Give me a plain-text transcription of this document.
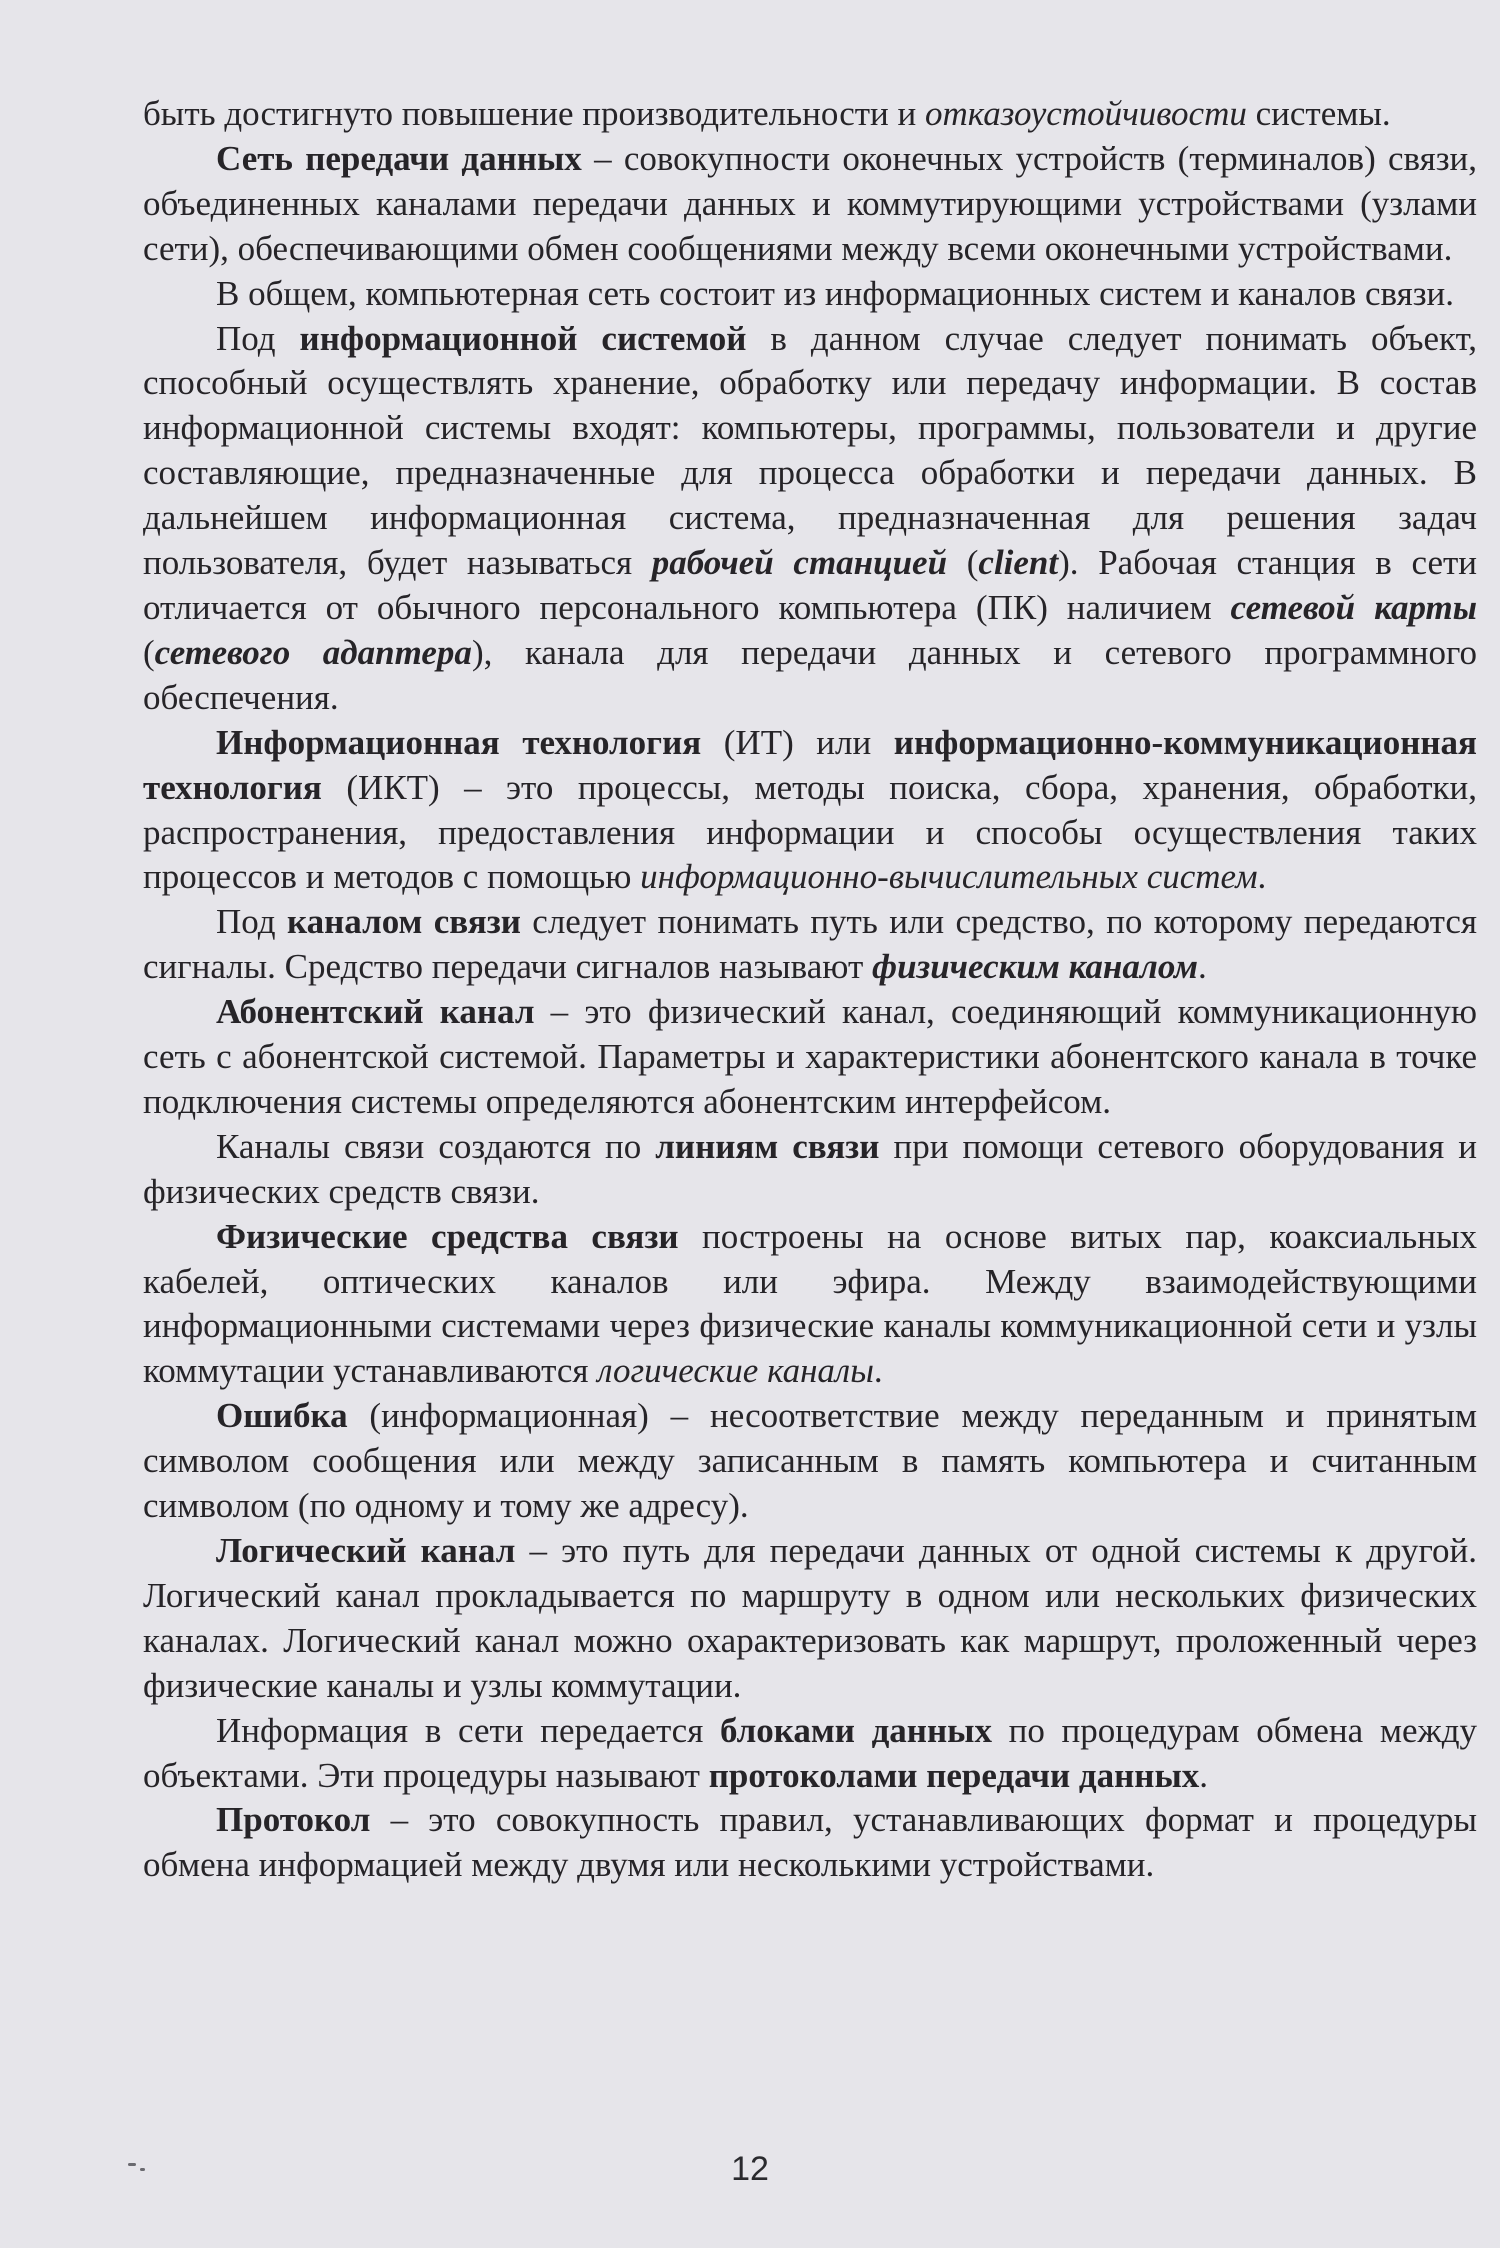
быть достигнуто повышение производительности и отказоустойчивости системы.

Сеть передачи данных – совокупности оконечных устройств (терминалов) связи, объединенных каналами передачи данных и коммутирующими устройствами (узлами сети), обеспечивающими обмен сообщениями между всеми оконечными устройствами.

В общем, компьютерная сеть состоит из информационных систем и каналов связи.

Под информационной системой в данном случае следует понимать объект, способный осуществлять хранение, обработку или передачу информации. В состав информационной системы входят: компьютеры, программы, пользователи и другие составляющие, предназначенные для процесса обработки и передачи данных. В дальнейшем информационная система, предназначенная для решения задач пользователя, будет называться рабочей станцией (client). Рабочая станция в сети отличается от обычного персонального компьютера (ПК) наличием сетевой карты (сетевого адаптера), канала для передачи данных и сетевого программного обеспечения.

Информационная технология (ИТ) или информационно-коммуникационная технология (ИКТ) – это процессы, методы поиска, сбора, хранения, обработки, распространения, предоставления информации и способы осуществления таких процессов и методов с помощью информационно-вычислительных систем.

Под каналом связи следует понимать путь или средство, по которому передаются сигналы. Средство передачи сигналов называют физическим каналом.

Абонентский канал – это физический канал, соединяющий коммуникационную сеть с абонентской системой. Параметры и характеристики абонентского канала в точке подключения системы определяются абонентским интерфейсом.

Каналы связи создаются по линиям связи при помощи сетевого оборудования и физических средств связи.

Физические средства связи построены на основе витых пар, коаксиальных кабелей, оптических каналов или эфира. Между взаимодействующими информационными системами через физические каналы коммуникационной сети и узлы коммутации устанавливаются логические каналы.

Ошибка (информационная) – несоответствие между переданным и принятым символом сообщения или между записанным в память компьютера и считанным символом (по одному и тому же адресу).

Логический канал – это путь для передачи данных от одной системы к другой. Логический канал прокладывается по маршруту в одном или нескольких физических каналах. Логический канал можно охарактеризовать как маршрут, проложенный через физические каналы и узлы коммутации.

Информация в сети передается блоками данных по процедурам обмена между объектами. Эти процедуры называют протоколами передачи данных.

Протокол – это совокупность правил, устанавливающих формат и процедуры обмена информацией между двумя или несколькими устройствами.

12
